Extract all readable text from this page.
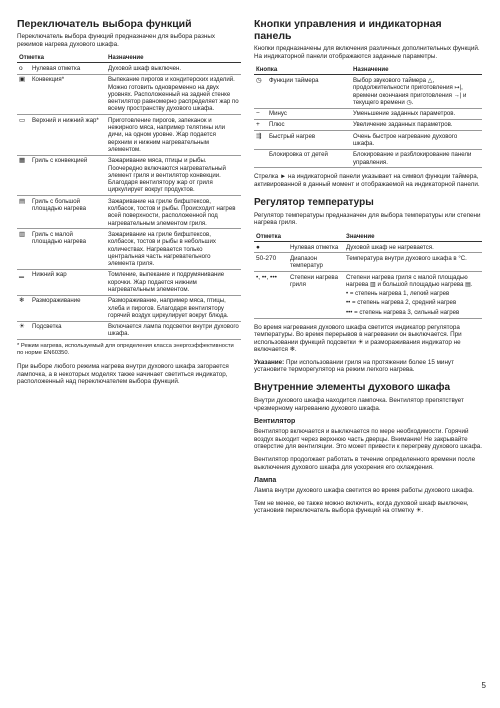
Переключатель выбора функций

Переключатель выбора функций предназначен для выбора разных режимов нагрева духового шкафа.

Отметка		Назначение
o	Нулевая отметка	Духовой шкаф выключен.

▣	Конвекция*	Выпекание пирогов и кондитерских изделий. Можно готовить одновременно на двух уровнях. Расположенный на задней стенке вентилятор равномерно распределяет жар по всему пространству духового шкафа.

▭	Верхний и нижний жар*	Приготовление пирогов, запеканок и нежирного мяса, например телятины или дичи, на одном уровне. Жар подается верхним и нижним нагревательным элементом.

▦	Гриль с конвекцией	Зажаривание мяса, птицы и рыбы. Поочередно включаются нагревательный элемент гриля и вентилятор конвекции. Благодаря вентилятору жар от гриля циркулирует вокруг продуктов.

▤	Гриль с большой площадью нагрева	Зажаривание на гриле бифштексов, колбасок, тостов и рыбы. Происходит нагрев всей поверхности, расположенной под нагревательным элементом гриля.

▥	Гриль с малой площадью нагрева	Зажаривание на гриле бифштексов, колбасок, тостов и рыбы в небольших количествах. Нагревается только центральная часть нагревательного элемента гриля.

▁	Нижний жар	Томление, выпекание и подрумянивание корочки. Жар подается нижним нагревательным элементом.

❄	Размораживание	Размораживание, например мяса, птицы, хлеба и пирогов. Благодаря вентилятору горячий воздух циркулирует вокруг блюда.

☀	Подсветка	Включается лампа подсветки внутри духового шкафа.

* Режим нагрева, используемый для определения класса энергоэффективности по норме EN60350.

При выборе любого режима нагрева внутри духового шкафа загорается лампочка, а в некоторых моделях также начинает светиться индикатор, расположенный над переключателем выбора функций.

Кнопки управления и индикаторная панель

Кнопки предназначены для включения различных дополнительных функций. На индикаторной панели отображаются заданные параметры.

Кнопка		Назначение
◷	Функции таймера	Выбор звукового таймера △, продолжительности приготовления ↦|, времени окончания приготовления →| и текущего времени ◷.

−	Минус	Уменьшение заданных параметров.

+	Плюс	Увеличение заданных параметров.

⇶	Быстрый нагрев	Очень быстрое нагревание духового шкафа.

	Блокировка от детей	Блокирование и разблокирование панели управления.

Стрелка ► на индикаторной панели указывает на символ функции таймера, активированной в данный момент и отображаемой на индикаторной панели.

Регулятор температуры

Регулятор температуры предназначен для выбора температуры или степени нагрева гриля.

Отметка		Значение
●	Нулевая отметка	Духовой шкаф не нагревается.

50-270	Диапазон температур	Температура внутри духового шкафа в °C.

•, ••, •••	Степени нагрева гриля	Степени нагрева гриля с малой площадью нагрева ▥ и большой площадью нагрева ▤.
• = степень нагрева 1, легкий нагрев
•• = степень нагрева 2, средний нагрев
••• = степень нагрева 3, сильный нагрев

Во время нагревания духового шкафа светится индикатор регулятора температуры. Во время перерывов в нагревании он выключается. При использовании функций подсветки ☀ и размораживания индикатор не включается ❄.

Указание: При использовании гриля на протяжении более 15 минут установите терморегулятор на режим легкого нагрева.

Внутренние элементы духового шкафа

Внутри духового шкафа находится лампочка. Вентилятор препятствует чрезмерному нагреванию духового шкафа.

Вентилятор

Вентилятор включается и выключается по мере необходимости. Горячий воздух выходит через верхнюю часть дверцы. Внимание! Не закрывайте отверстие для вентиляции. Это может привести к перегреву духового шкафа.

Вентилятор продолжает работать в течение определенного времени после выключения духового шкафа для ускорения его охлаждения.

Лампа

Лампа внутри духового шкафа светится во время работы духового шкафа.

Тем не менее, ее также можно включить, когда духовой шкаф выключен, установив переключатель выбора функций на отметку ☀.

5
